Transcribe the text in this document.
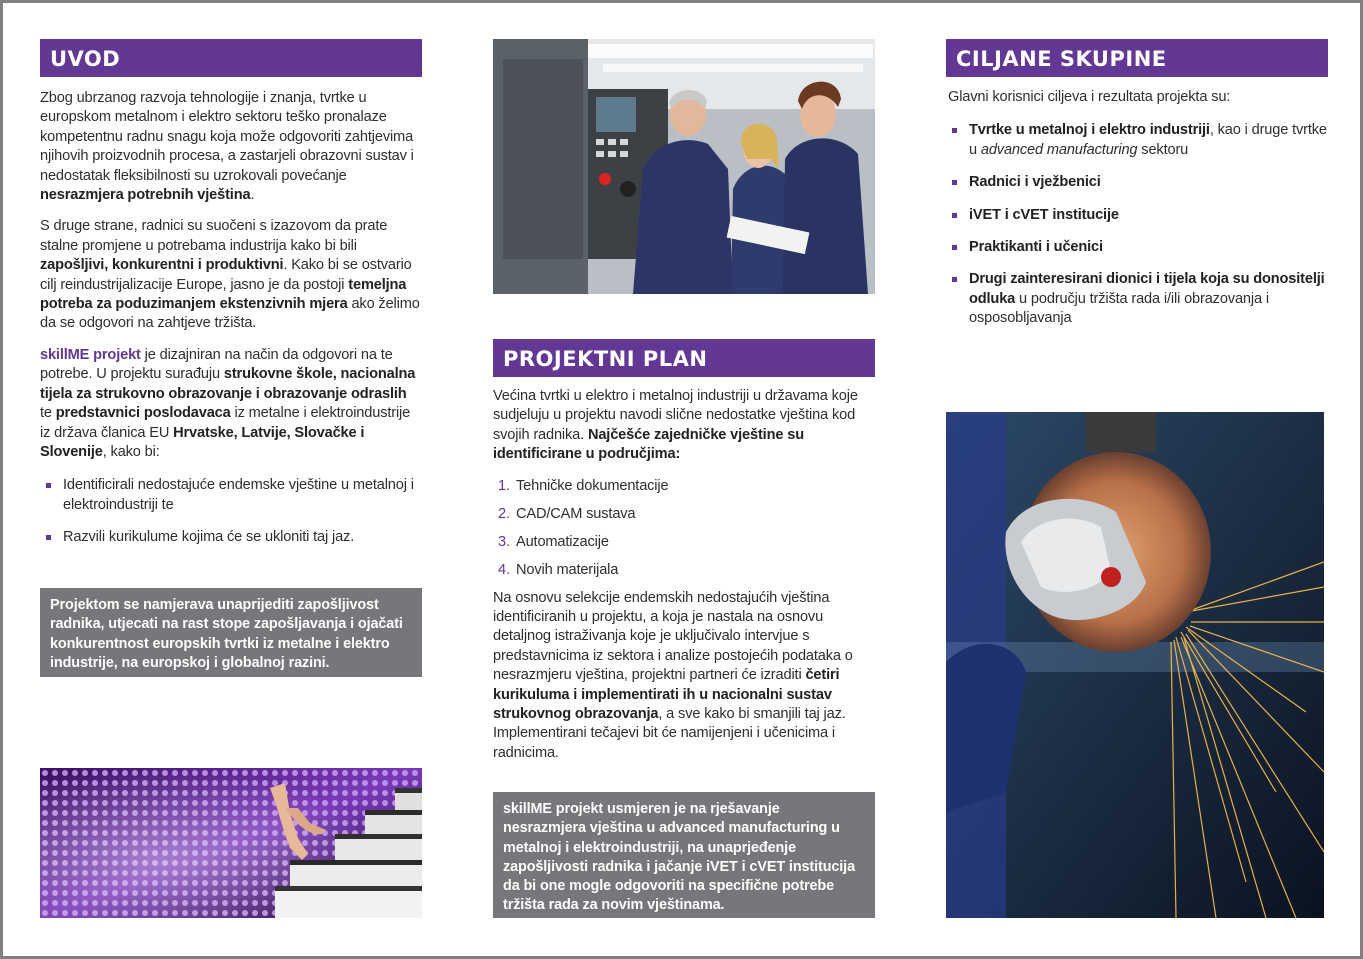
UVOD

Zbog ubrzanog razvoja tehnologije i znanja, tvrtke u europskom metalnom i elektro sektoru teško pronalaze kompetentnu radnu snagu koja može odgovoriti zahtjevima njihovih proizvodnih procesa, a zastarjeli obrazovni sustav i nedostatak fleksibilnosti su uzrokovali povećanje nesrazmjera potrebnih vještina.

S druge strane, radnici su suočeni s izazovom da prate stalne promjene u potrebama industrija kako bi bili zapošljivi, konkurentni i produktivni. Kako bi se ostvario cilj reindustrijalizacije Europe, jasno je da postoji temeljna potreba za poduzimanjem ekstenzivnih mjera ako želimo da se odgovori na zahtjeve tržišta.

skillME projekt je dizajniran na način da odgovori na te potrebe. U projektu surađuju strukovne škole, nacionalna tijela za strukovno obrazovanje i obrazovanje odraslih te predstavnici poslodavaca iz metalne i elektroindustrije iz država članica EU Hrvatske, Latvije, Slovačke i Slovenije, kako bi:

Identificirali nedostajuće endemske vještine u metalnoj i elektroindustriji te
Razvili kurikulume kojima će se ukloniti taj jaz.
Projektom se namjerava unaprijediti zapošljivost radnika, utjecati na rast stope zapošljavanja i ojačati konkurentnost europskih tvrtki iz metalne i elektro industrije, na europskoj i globalnoj razini.
PROJEKTNI PLAN

Većina tvrtki u elektro i metalnoj industriji u državama koje sudjeluju u projektu navodi slične nedostatke vještina kod svojih radnika. Najčešće zajedničke vještine su identificirane u područjima:

1. Tehničke dokumentacije
2. CAD/CAM sustava
3. Automatizacije
4. Novih materijala

Na osnovu selekcije endemskih nedostajućih vještina identificiranih u projektu, a koja je nastala na osnovu detaljnog istraživanja koje je uključivalo intervjue s predstavnicima iz sektora i analize postojećih podataka o nesrazmjeru vještina, projektni partneri će izraditi četiri kurikuluma i implementirati ih u nacionalni sustav strukovnog obrazovanja, a sve kako bi smanjili taj jaz. Implementirani tečajevi bit će namijenjeni i učenicima i radnicima.

skillME projekt usmjeren je na rješavanje nesrazmjera vještina u advanced manufacturing u metalnoj i elektroindustriji, na unaprjeđenje zapošljivosti radnika i jačanje iVET i cVET institucija da bi one mogle odgovoriti na specifične potrebe tržišta rada za novim vještinama.
CILJANE SKUPINE

Glavni korisnici ciljeva i rezultata projekta su:

Tvrtke u metalnoj i elektro industriji, kao i druge tvrtke u advanced manufacturing sektoru
Radnici i vježbenici
iVET i cVET institucije
Praktikanti i učenici
Drugi zainteresirani dionici i tijela koja su donositelji odluka u području tržišta rada i/ili obrazovanja i osposobljavanja
